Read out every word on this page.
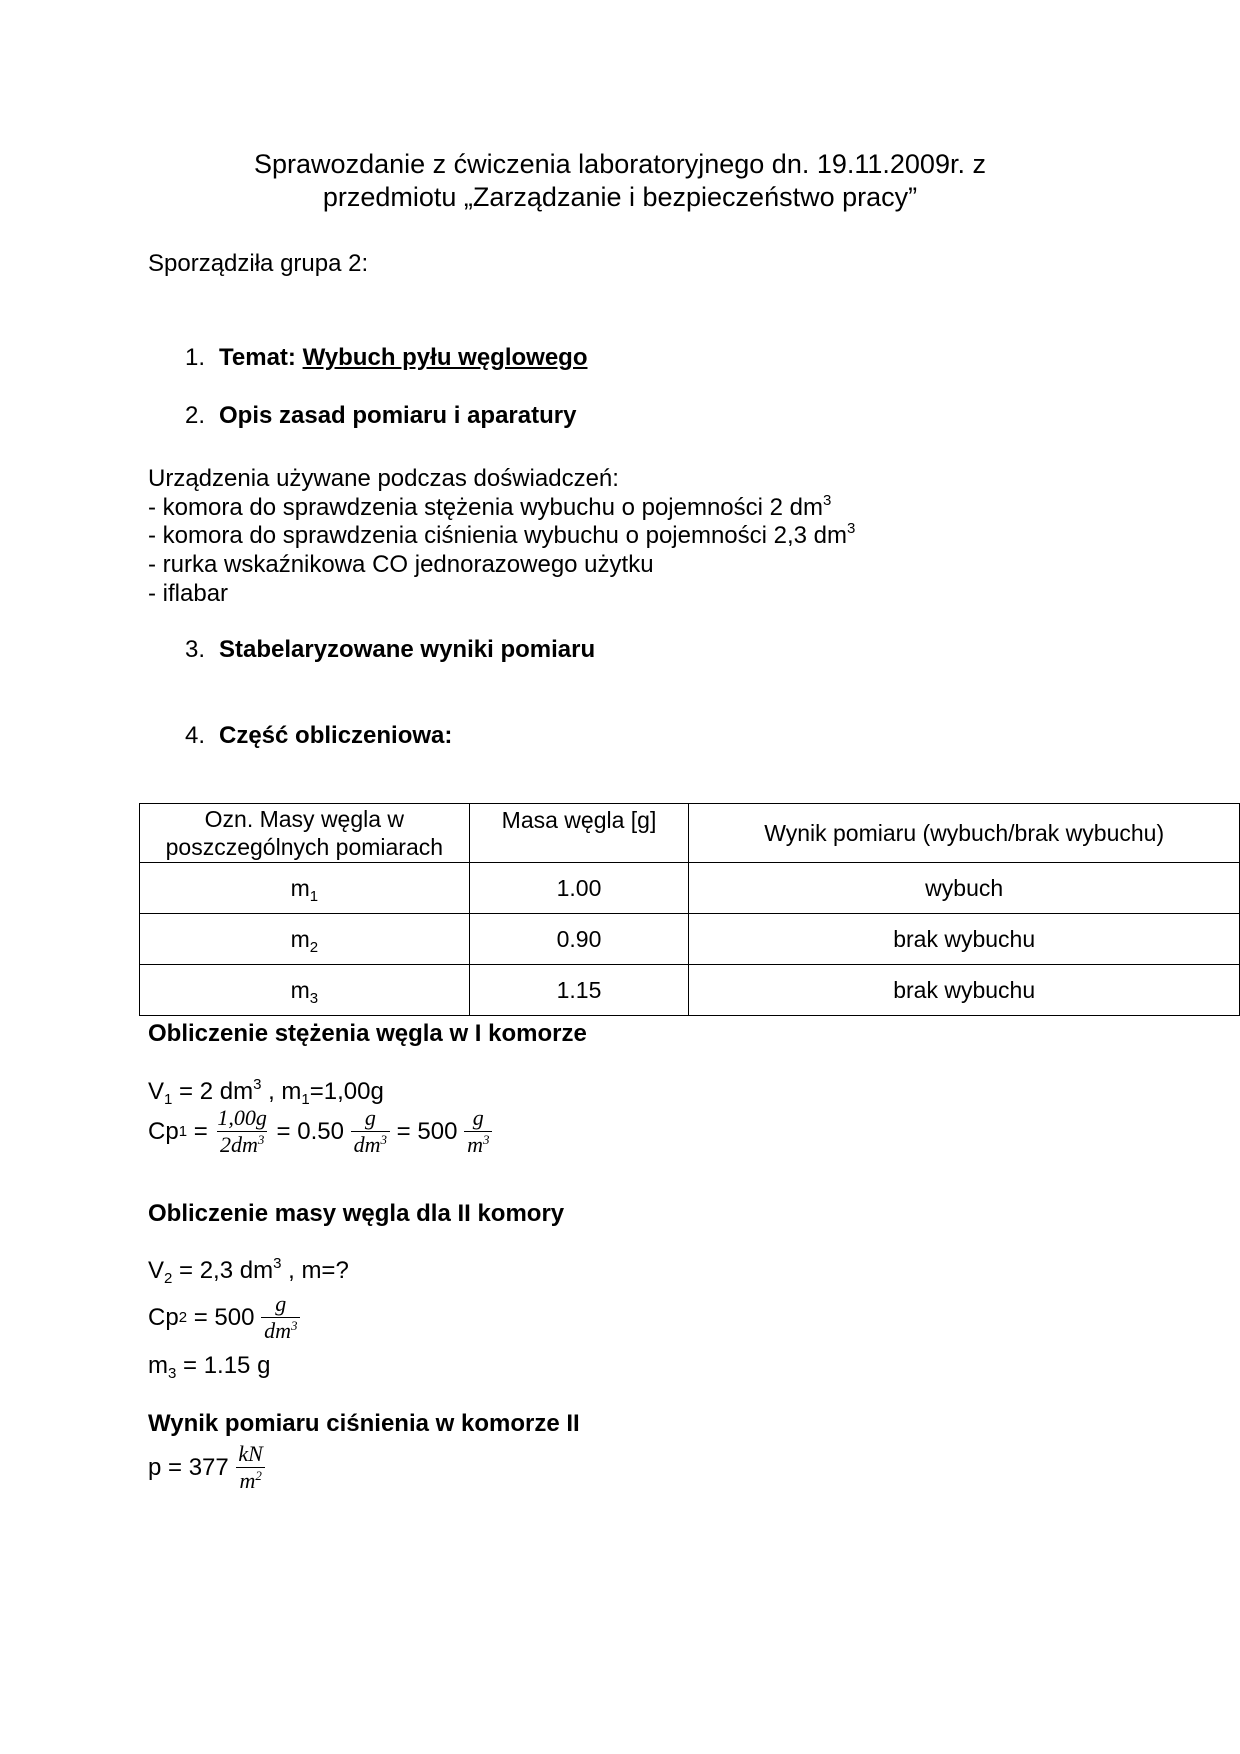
Sprawozdanie z ćwiczenia laboratoryjnego dn. 19.11.2009r. z
przedmiotu „Zarządzanie i bezpieczeństwo pracy”
Sporządziła grupa 2:
1. Temat: Wybuch pyłu węglowego
2. Opis zasad pomiaru i aparatury
Urządzenia używane podczas doświadczeń:
- komora do sprawdzenia stężenia wybuchu o pojemności 2 $dm^3$
- komora do sprawdzenia ciśnienia wybuchu o pojemności 2,3 $dm^3$
- rurka wskaźnikowa CO jednorazowego użytku
- iflabar
3. Stabelaryzowane wyniki pomiaru
4. Część obliczeniowa:
Ozn. Masy węgla w poszczególnych pomiarach	Masa węgla [g]	Wynik pomiaru (wybuch/brak wybuchu)
$m_1$	1.00	wybuch
$m_2$	0.90	brak wybuchu
$m_3$	1.15	brak wybuchu
Obliczenie stężenia węgla w I komorze
$V_1 = 2$ $dm^3$ , $m_1=1,00g$
Cp $1 = \frac{1,00g}{2dm^3} = 0.50 \frac{g}{dm^3} = 500 \frac{g}{m^3}$
Obliczenie masy węgla dla II komory
$V_2 = 2,3$ $dm^3$ , m=?
Cp $2 = 500 \frac{g}{dm^3}$
$m_3 = 1.15$ g
Wynik pomiaru ciśnienia w komorze II
$p = 377 \frac{kN}{m^2}$
